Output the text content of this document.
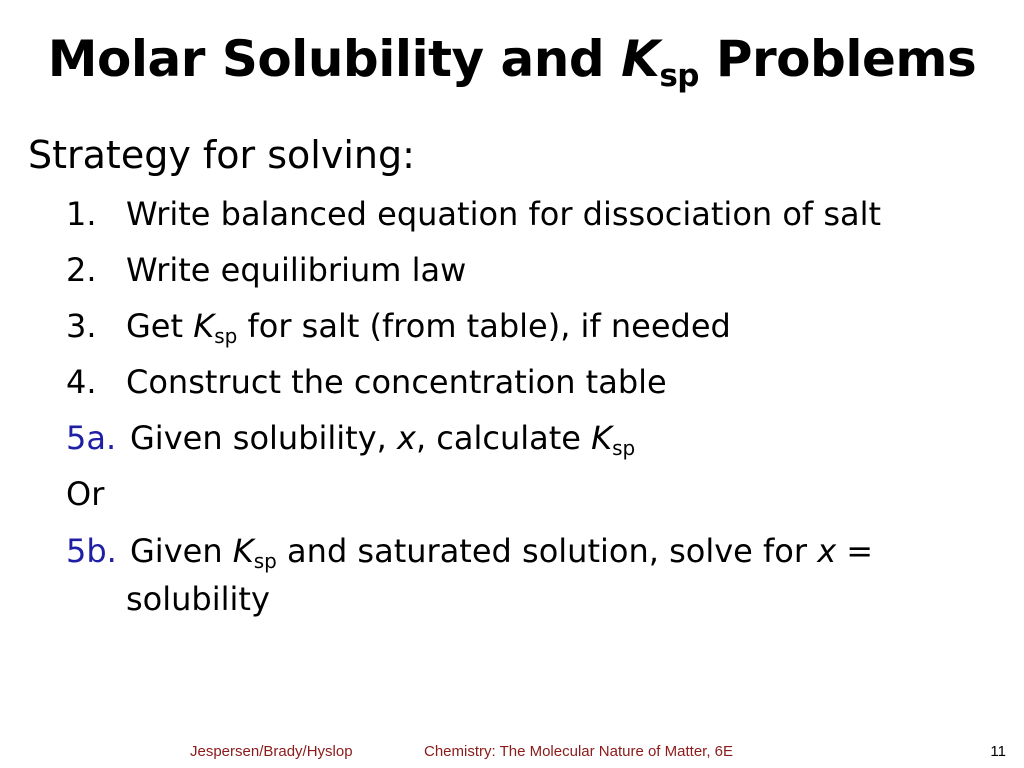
Molar Solubility and $K_{sp}$ Problems
Strategy for solving:
1. Write balanced equation for dissociation of salt
2. Write equilibrium law
3. Get $K_{sp}$ for salt (from table), if needed
4. Construct the concentration table
5a. Given solubility, x, calculate $K_{sp}$
Or
5b. Given $K_{sp}$ and saturated solution, solve for x =
solubility
Jespersen/Brady/Hyslop	Chemistry: The Molecular Nature of Matter, 6E	11
